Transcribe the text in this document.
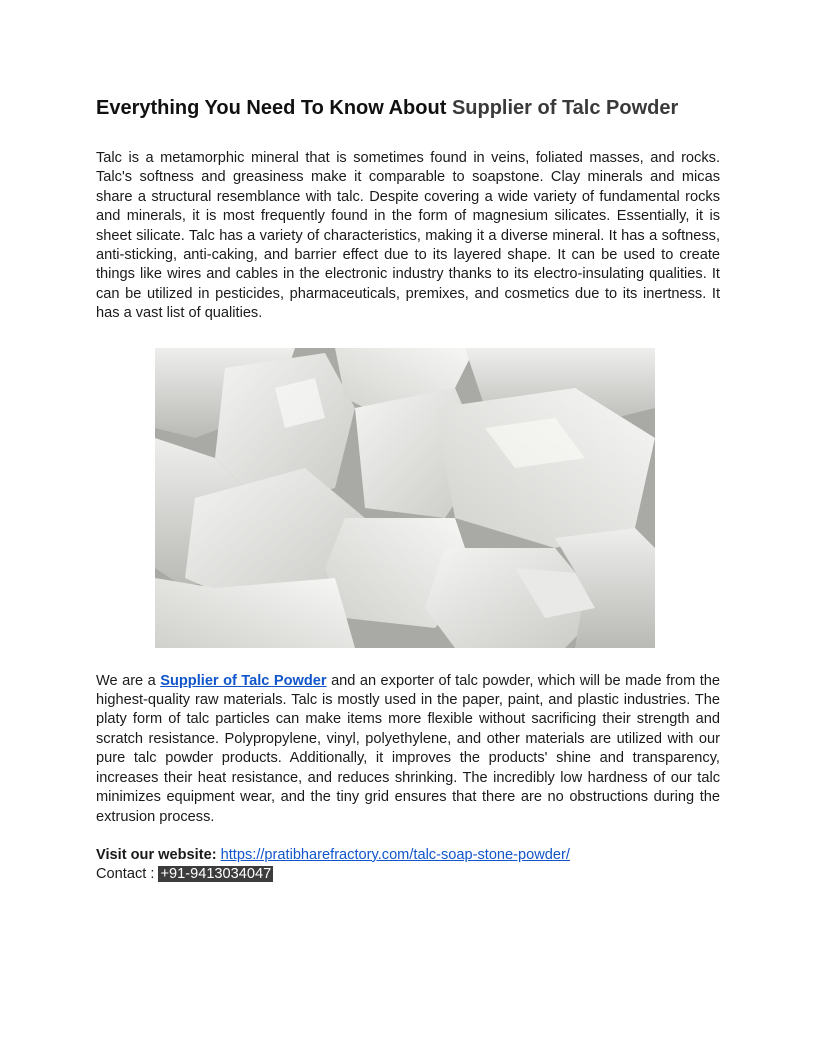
Everything You Need To Know About Supplier of Talc Powder

Talc is a metamorphic mineral that is sometimes found in veins, foliated masses, and rocks. Talc's softness and greasiness make it comparable to soapstone. Clay minerals and micas share a structural resemblance with talc. Despite covering a wide variety of fundamental rocks and minerals, it is most frequently found in the form of magnesium silicates. Essentially, it is sheet silicate. Talc has a variety of characteristics, making it a diverse mineral. It has a softness, anti-sticking, anti-caking, and barrier effect due to its layered shape. It can be used to create things like wires and cables in the electronic industry thanks to its electro-insulating qualities. It can be utilized in pesticides, pharmaceuticals, premixes, and cosmetics due to its inertness. It has a vast list of qualities.

We are a Supplier of Talc Powder and an exporter of talc powder, which will be made from the highest-quality raw materials. Talc is mostly used in the paper, paint, and plastic industries. The platy form of talc particles can make items more flexible without sacrificing their strength and scratch resistance. Polypropylene, vinyl, polyethylene, and other materials are utilized with our pure talc powder products. Additionally, it improves the products' shine and transparency, increases their heat resistance, and reduces shrinking. The incredibly low hardness of our talc minimizes equipment wear, and the tiny grid ensures that there are no obstructions during the extrusion process.

Visit our website: https://pratibharefractory.com/talc-soap-stone-powder/
Contact : +91-9413034047
